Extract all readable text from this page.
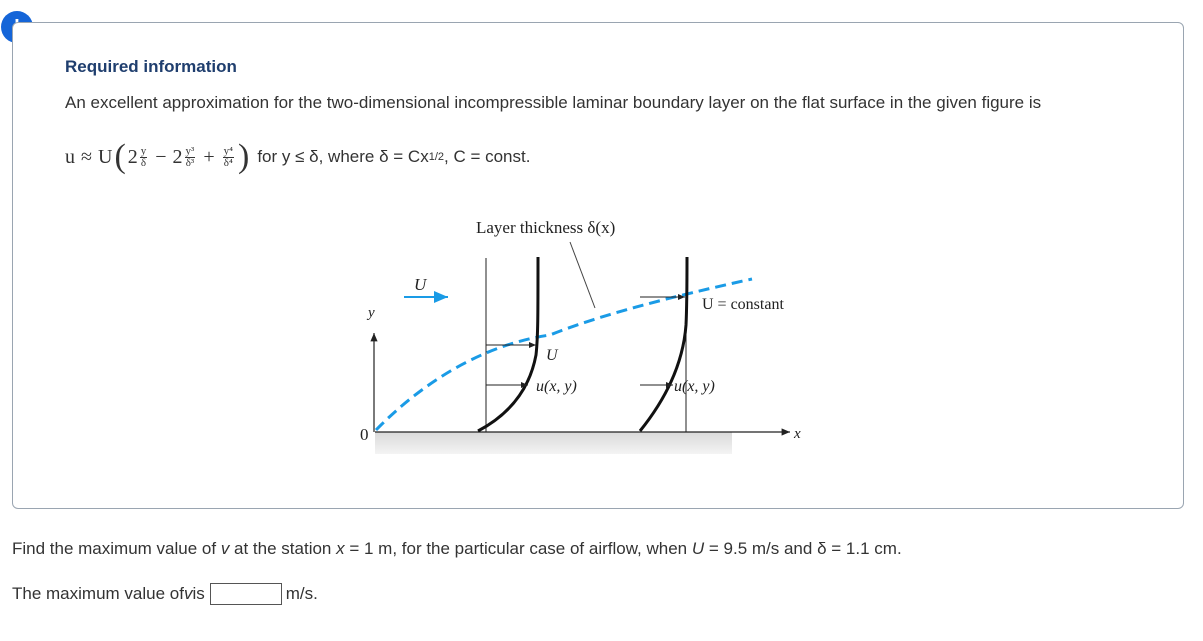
Required information
An excellent approximation for the two-dimensional incompressible laminar boundary layer on the flat surface in the given figure is
u ≈ U ( $2 \frac{y}{\delta} - 2 \frac{\text{y³}}{\text{δ³}} + \frac{\text{y⁴}}{\text{δ⁴}}$ ) for y ≤ δ, where δ = Cx 1/2 , C = const.
Layer thickness δ(x)
U
y
0
U
u(x, y)	u(x, y)
U = constant
x
Find the maximum value of v at the station x = 1 m, for the particular case of airflow, when U = 9.5 m/s and δ = 1.1 cm.
The maximum value of v is	m/s.
